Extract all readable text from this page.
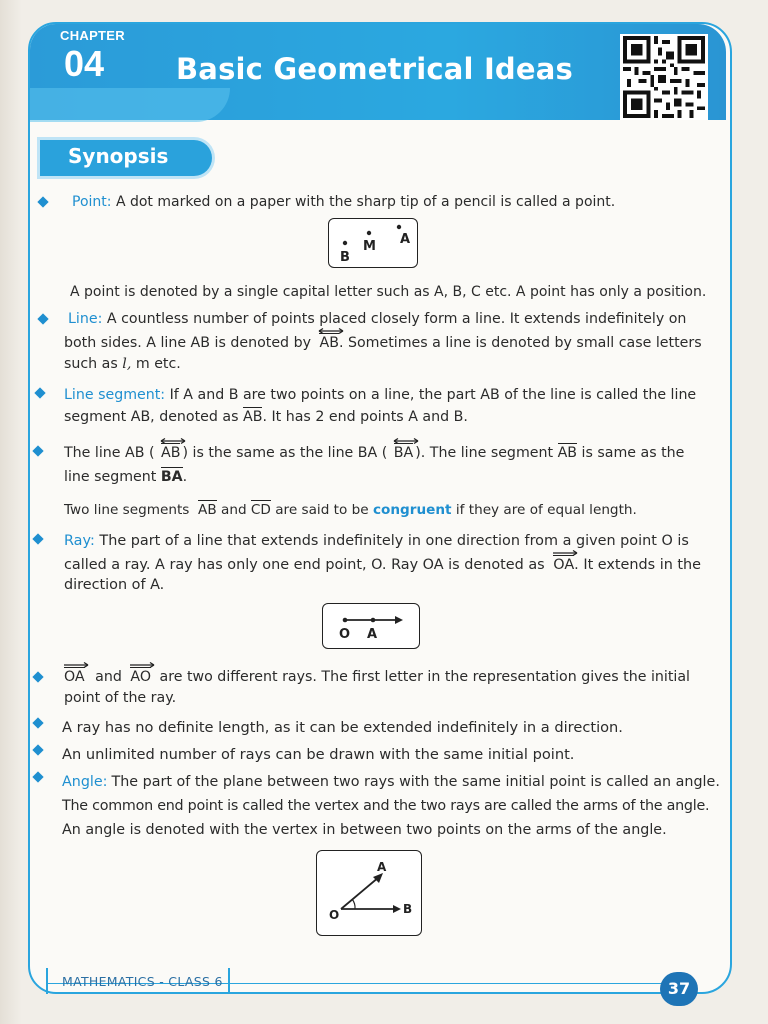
CHAPTER
04 Basic Geometrical Ideas
Synopsis
Point: A dot marked on a paper with the sharp tip of a pencil is called a point.
B
M A
A point is denoted by a single capital letter such as A, B, C etc. A point has only a position.
Line: A countless number of points placed closely form a line. It extends indefinitely on
both sides. A line AB is denoted by AB. Sometimes a line is denoted by small case letters
such as l, m etc.
Line segment: If A and B are two points on a line, the part AB of the line is called the line
segment AB, denoted as AB. It has 2 end points A and B.
The line AB ( AB ) is the same as the line BA ( BA ). The line segment AB is same as the
line segment BA.
Two line segments AB and CD are said to be congruent if they are of equal length.
Ray: The part of a line that extends indefinitely in one direction from a given point O is
called a ray. A ray has only one end point, O. Ray OA is denoted as OA. It extends in the
direction of A.
O A
OA and AO are two different rays. The first letter in the representation gives the initial
point of the ray.
A ray has no definite length, as it can be extended indefinitely in a direction.
An unlimited number of rays can be drawn with the same initial point.
Angle: The part of the plane between two rays with the same initial point is called an angle.
The common end point is called the vertex and the two rays are called the arms of the angle.
An angle is denoted with the vertex in between two points on the arms of the angle.
A
O	B
MATHEMATICS - CLASS 6	37
